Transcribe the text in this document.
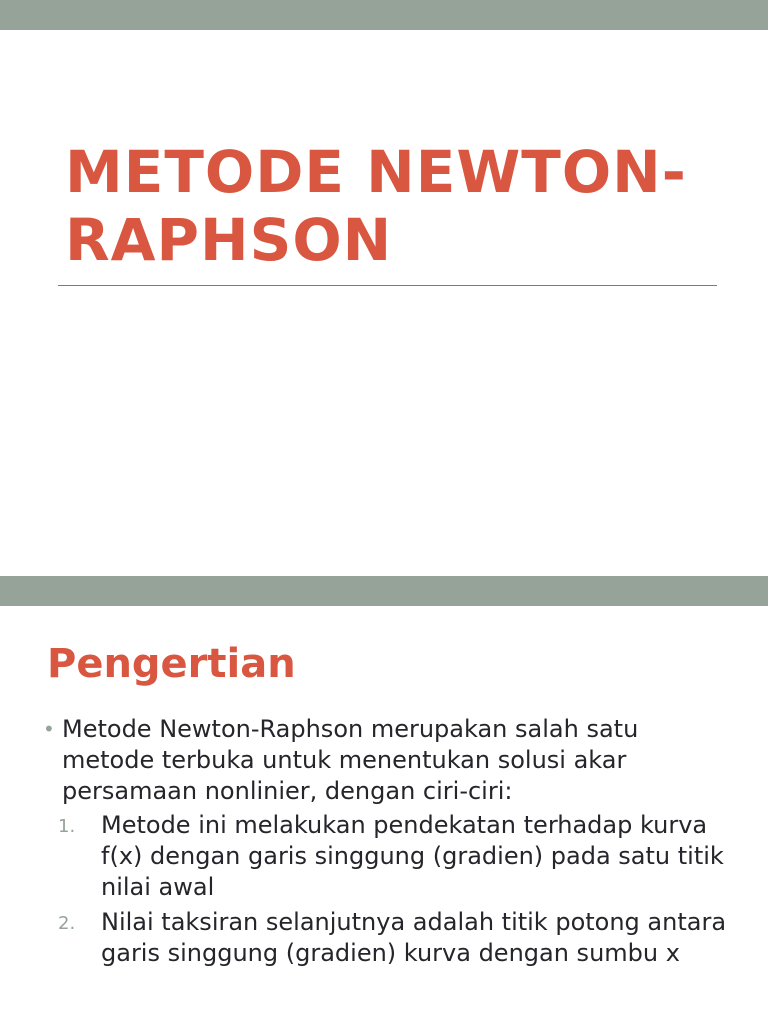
METODE NEWTON-
RAPHSON
Pengertian
• Metode Newton-Raphson merupakan salah satu metode terbuka untuk menentukan solusi akar persamaan nonlinier, dengan ciri-ciri:
1. Metode ini melakukan pendekatan terhadap kurva f(x) dengan garis singgung (gradien) pada satu titik nilai awal
2. Nilai taksiran selanjutnya adalah titik potong antara garis singgung (gradien) kurva dengan sumbu x
